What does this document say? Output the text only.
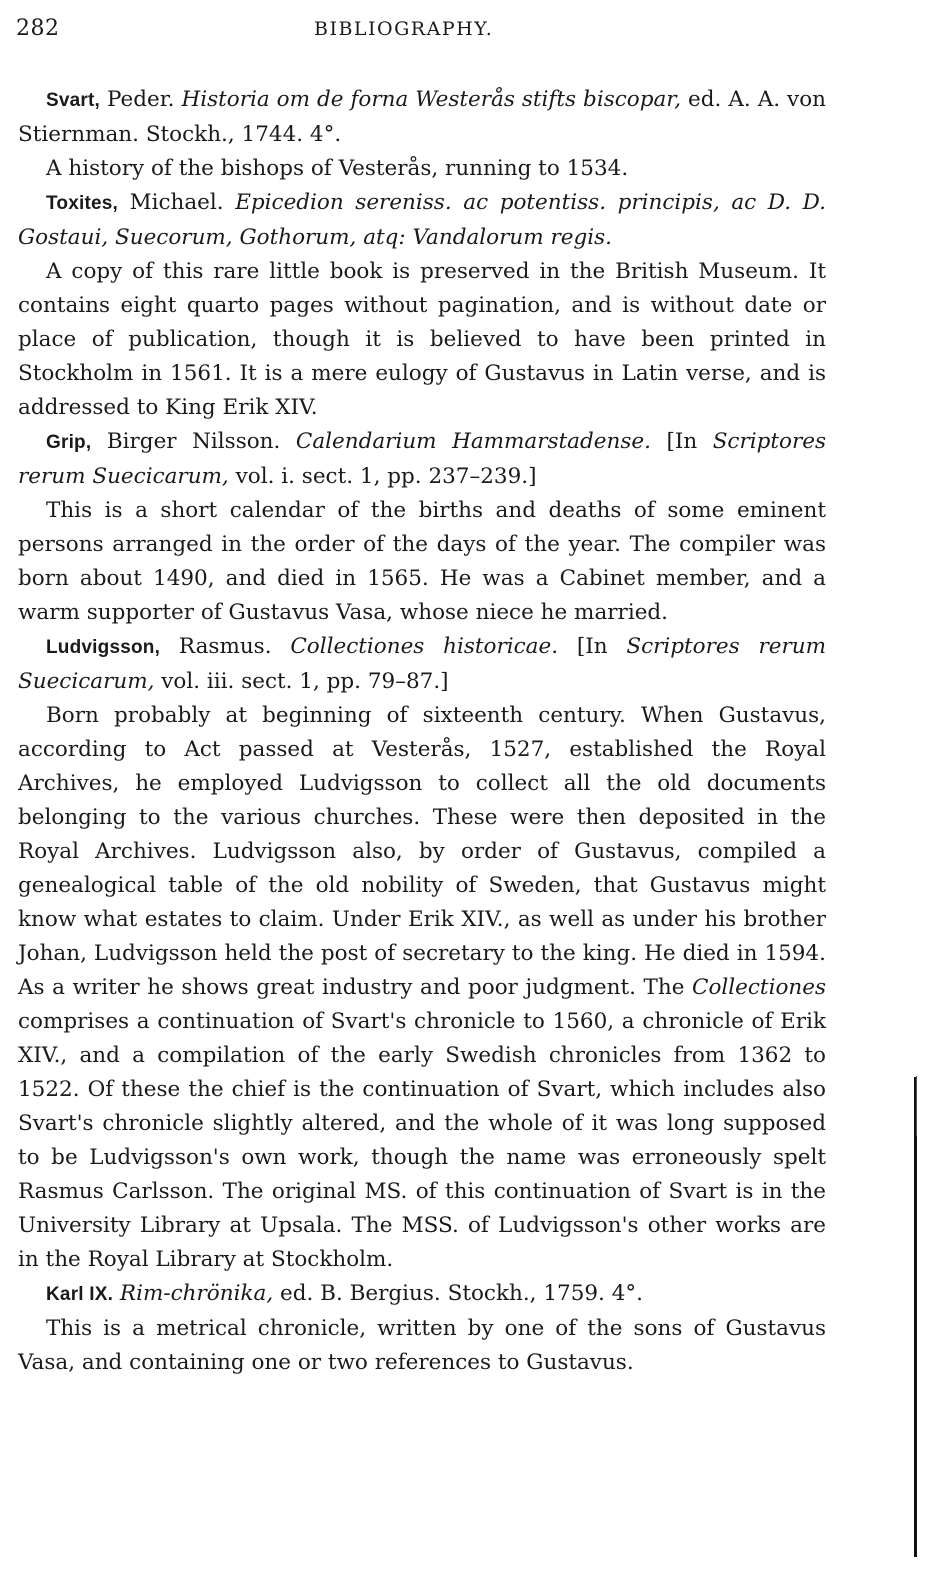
282	BIBLIOGRAPHY.

Svart, Peder. Historia om de forna Westerås stifts biscopar, ed. A. A. von Stiernman. Stockh., 1744. 4°.

A history of the bishops of Vesterås, running to 1534.

Toxites, Michael. Epicedion sereniss. ac potentiss. principis, ac D. D. Gostaui, Suecorum, Gothorum, atq: Vandalorum regis.

A copy of this rare little book is preserved in the British Museum. It contains eight quarto pages without pagination, and is without date or place of publication, though it is believed to have been printed in Stockholm in 1561. It is a mere eulogy of Gustavus in Latin verse, and is addressed to King Erik XIV.

Grip, Birger Nilsson. Calendarium Hammarstadense. [In Scriptores rerum Suecicarum, vol. i. sect. 1, pp. 237–239.]

This is a short calendar of the births and deaths of some eminent persons arranged in the order of the days of the year. The compiler was born about 1490, and died in 1565. He was a Cabinet member, and a warm supporter of Gustavus Vasa, whose niece he married.

Ludvigsson, Rasmus. Collectiones historicae. [In Scriptores rerum Suecicarum, vol. iii. sect. 1, pp. 79–87.]

Born probably at beginning of sixteenth century. When Gustavus, according to Act passed at Vesterås, 1527, established the Royal Archives, he employed Ludvigsson to collect all the old documents belonging to the various churches. These were then deposited in the Royal Archives. Ludvigsson also, by order of Gustavus, compiled a genealogical table of the old nobility of Sweden, that Gustavus might know what estates to claim. Under Erik XIV., as well as under his brother Johan, Ludvigsson held the post of secretary to the king. He died in 1594. As a writer he shows great industry and poor judgment. The Collectiones comprises a continuation of Svart's chronicle to 1560, a chronicle of Erik XIV., and a compilation of the early Swedish chronicles from 1362 to 1522. Of these the chief is the continuation of Svart, which includes also Svart's chronicle slightly altered, and the whole of it was long supposed to be Ludvigsson's own work, though the name was erroneously spelt Rasmus Carlsson. The original MS. of this continuation of Svart is in the University Library at Upsala. The MSS. of Ludvigsson's other works are in the Royal Library at Stockholm.

Karl IX. Rim-chrönika, ed. B. Bergius. Stockh., 1759. 4°.

This is a metrical chronicle, written by one of the sons of Gustavus Vasa, and containing one or two references to Gustavus.
